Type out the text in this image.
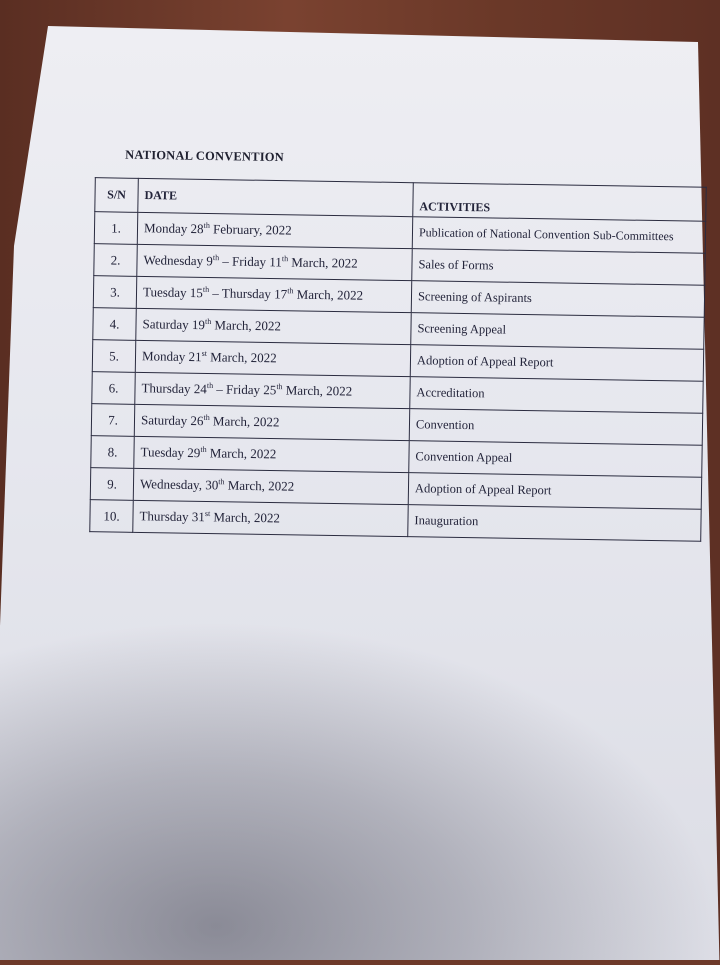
NATIONAL CONVENTION
S/N	DATE	ACTIVITIES
1.	Monday 28th February, 2022	Publication of National Convention Sub-Committees
2.	Wednesday 9th – Friday 11th March, 2022	Sales of Forms
3.	Tuesday 15th – Thursday 17th March, 2022	Screening of Aspirants
4.	Saturday 19th March, 2022	Screening Appeal
5.	Monday 21st March, 2022	Adoption of Appeal Report
6.	Thursday 24th – Friday 25th March, 2022	Accreditation
7.	Saturday 26th March, 2022	Convention
8.	Tuesday 29th March, 2022	Convention Appeal
9.	Wednesday, 30th March, 2022	Adoption of Appeal Report
10.	Thursday 31st March, 2022	Inauguration
